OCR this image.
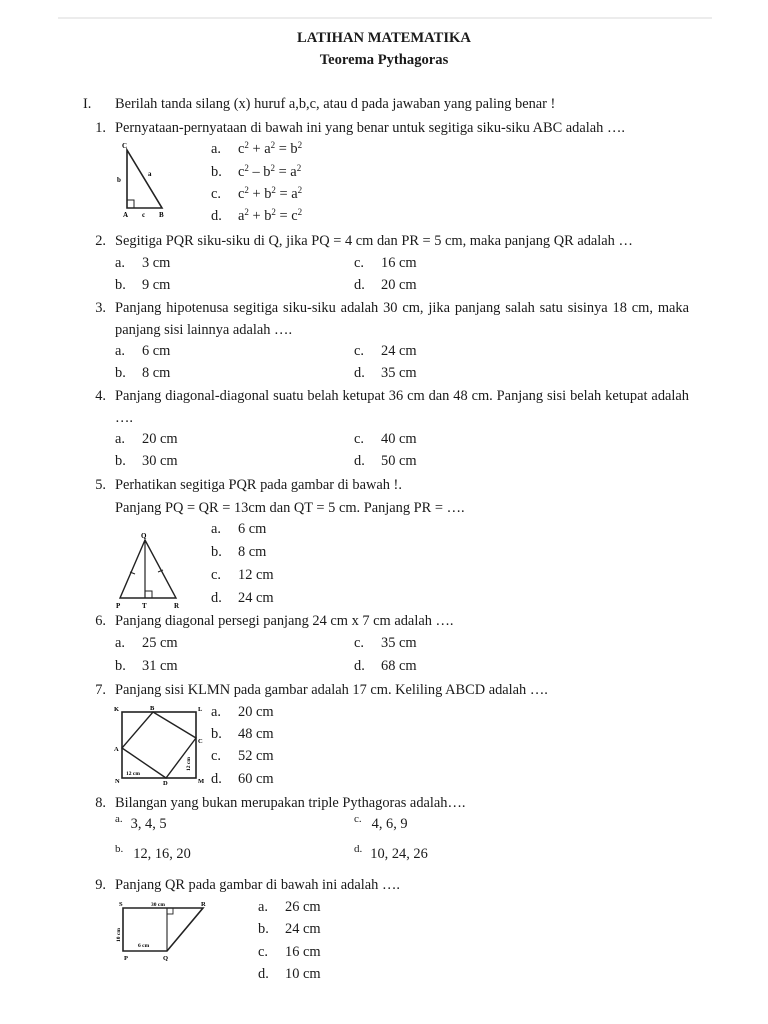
LATIHAN MATEMATIKA
Teorema Pythagoras
I. Berilah tanda silang (x) huruf a,b,c, atau d pada jawaban yang paling benar !
1. Pernyataan-pernyataan di bawah ini yang benar untuk segitiga siku-siku ABC adalah ….
C
a
b
A c B
a. $c^2 + a^2 = b^2$
b. $c^2 - b^2 = a^2$
c. $c^2 + b^2 = a^2$
d. $a^2 + b^2 = c^2$
2. Segitiga PQR siku-siku di Q, jika PQ = 4 cm dan PR = 5 cm, maka panjang QR adalah …
a. 3 cm
b. 9 cm
c. 16 cm
d. 20 cm
3. Panjang hipotenusa segitiga siku-siku adalah 30 cm, jika panjang salah satu sisinya 18 cm, maka panjang sisi lainnya adalah ….
a. 6 cm
b. 8 cm
c. 24 cm
d. 35 cm
4. Panjang diagonal-diagonal suatu belah ketupat 36 cm dan 48 cm. Panjang sisi belah ketupat adalah ….
a. 20 cm
b. 30 cm
c. 40 cm
d. 50 cm
5. Perhatikan segitiga PQR pada gambar di bawah !.
Panjang PQ = QR = 13cm dan QT = 5 cm. Panjang PR = ….
Q
P	T	R
a. 6 cm
b. 8 cm
c. 12 cm
d. 24 cm
6. Panjang diagonal persegi panjang 24 cm x 7 cm adalah ….
a. 25 cm
b. 31 cm
c. 35 cm
d. 68 cm
7. Panjang sisi KLMN pada gambar adalah 17 cm. Keliling ABCD adalah ….
K	B	L
A
C
N	D	M
12 cm
12 cm
a. 20 cm
b. 48 cm
c. 52 cm
d. 60 cm
8. Bilangan yang bukan merupakan triple Pythagoras adalah….
$^{a.}$ 3, 4, 5
$^{b.}$ 12, 16, 20
$^{c.}$ 4, 6, 9
$^{d.}$ 10, 24, 26
9. Panjang QR pada gambar di bawah ini adalah ….
S	30 cm	R
10 cm
6 cm
P	Q
a. 26 cm
b. 24 cm
c. 16 cm
d. 10 cm
